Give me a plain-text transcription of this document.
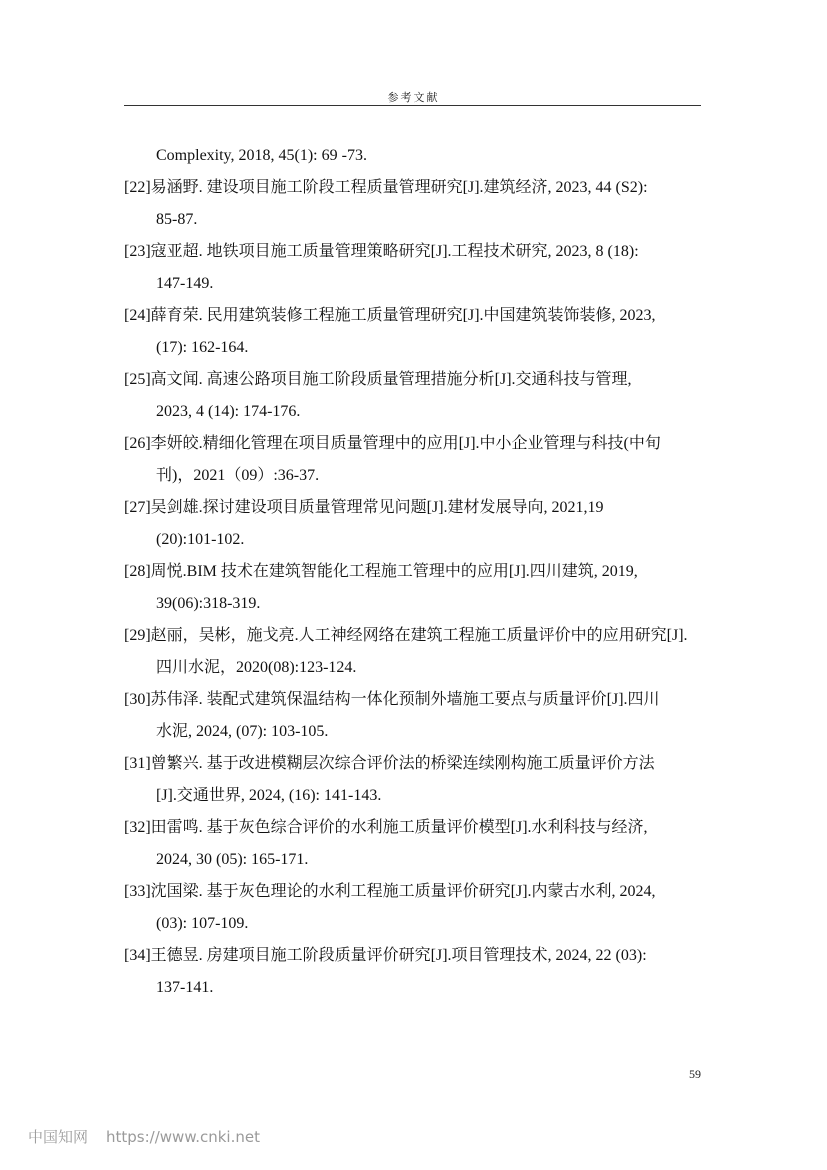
参考文献
Complexity, 2018, 45(1): 69 -73.
[22]易涵野. 建设项目施工阶段工程质量管理研究[J].建筑经济, 2023, 44 (S2):
85-87.
[23]寇亚超. 地铁项目施工质量管理策略研究[J].工程技术研究, 2023, 8 (18):
147-149.
[24]薛育荣. 民用建筑装修工程施工质量管理研究[J].中国建筑装饰装修, 2023,
(17): 162-164.
[25]高文闻. 高速公路项目施工阶段质量管理措施分析[J].交通科技与管理,
2023, 4 (14): 174-176.
[26]李妍皎.精细化管理在项目质量管理中的应用[J].中小企业管理与科技(中旬
刊)，2021（09）:36-37.
[27]吴剑雄.探讨建设项目质量管理常见问题[J].建材发展导向, 2021,19
(20):101-102.
[28]周悦.BIM 技术在建筑智能化工程施工管理中的应用[J].四川建筑, 2019,
39(06):318-319.
[29]赵丽，吴彬，施戈亮.人工神经网络在建筑工程施工质量评价中的应用研究[J].
四川水泥，2020(08):123-124.
[30]苏伟泽. 装配式建筑保温结构一体化预制外墙施工要点与质量评价[J].四川
水泥, 2024, (07): 103-105.
[31]曾繁兴. 基于改进模糊层次综合评价法的桥梁连续刚构施工质量评价方法
[J].交通世界, 2024, (16): 141-143.
[32]田雷鸣. 基于灰色综合评价的水利施工质量评价模型[J].水利科技与经济,
2024, 30 (05): 165-171.
[33]沈国梁. 基于灰色理论的水利工程施工质量评价研究[J].内蒙古水利, 2024,
(03): 107-109.
[34]王德昱. 房建项目施工阶段质量评价研究[J].项目管理技术, 2024, 22 (03):
137-141.
59
中国知网 https://www.cnki.net
